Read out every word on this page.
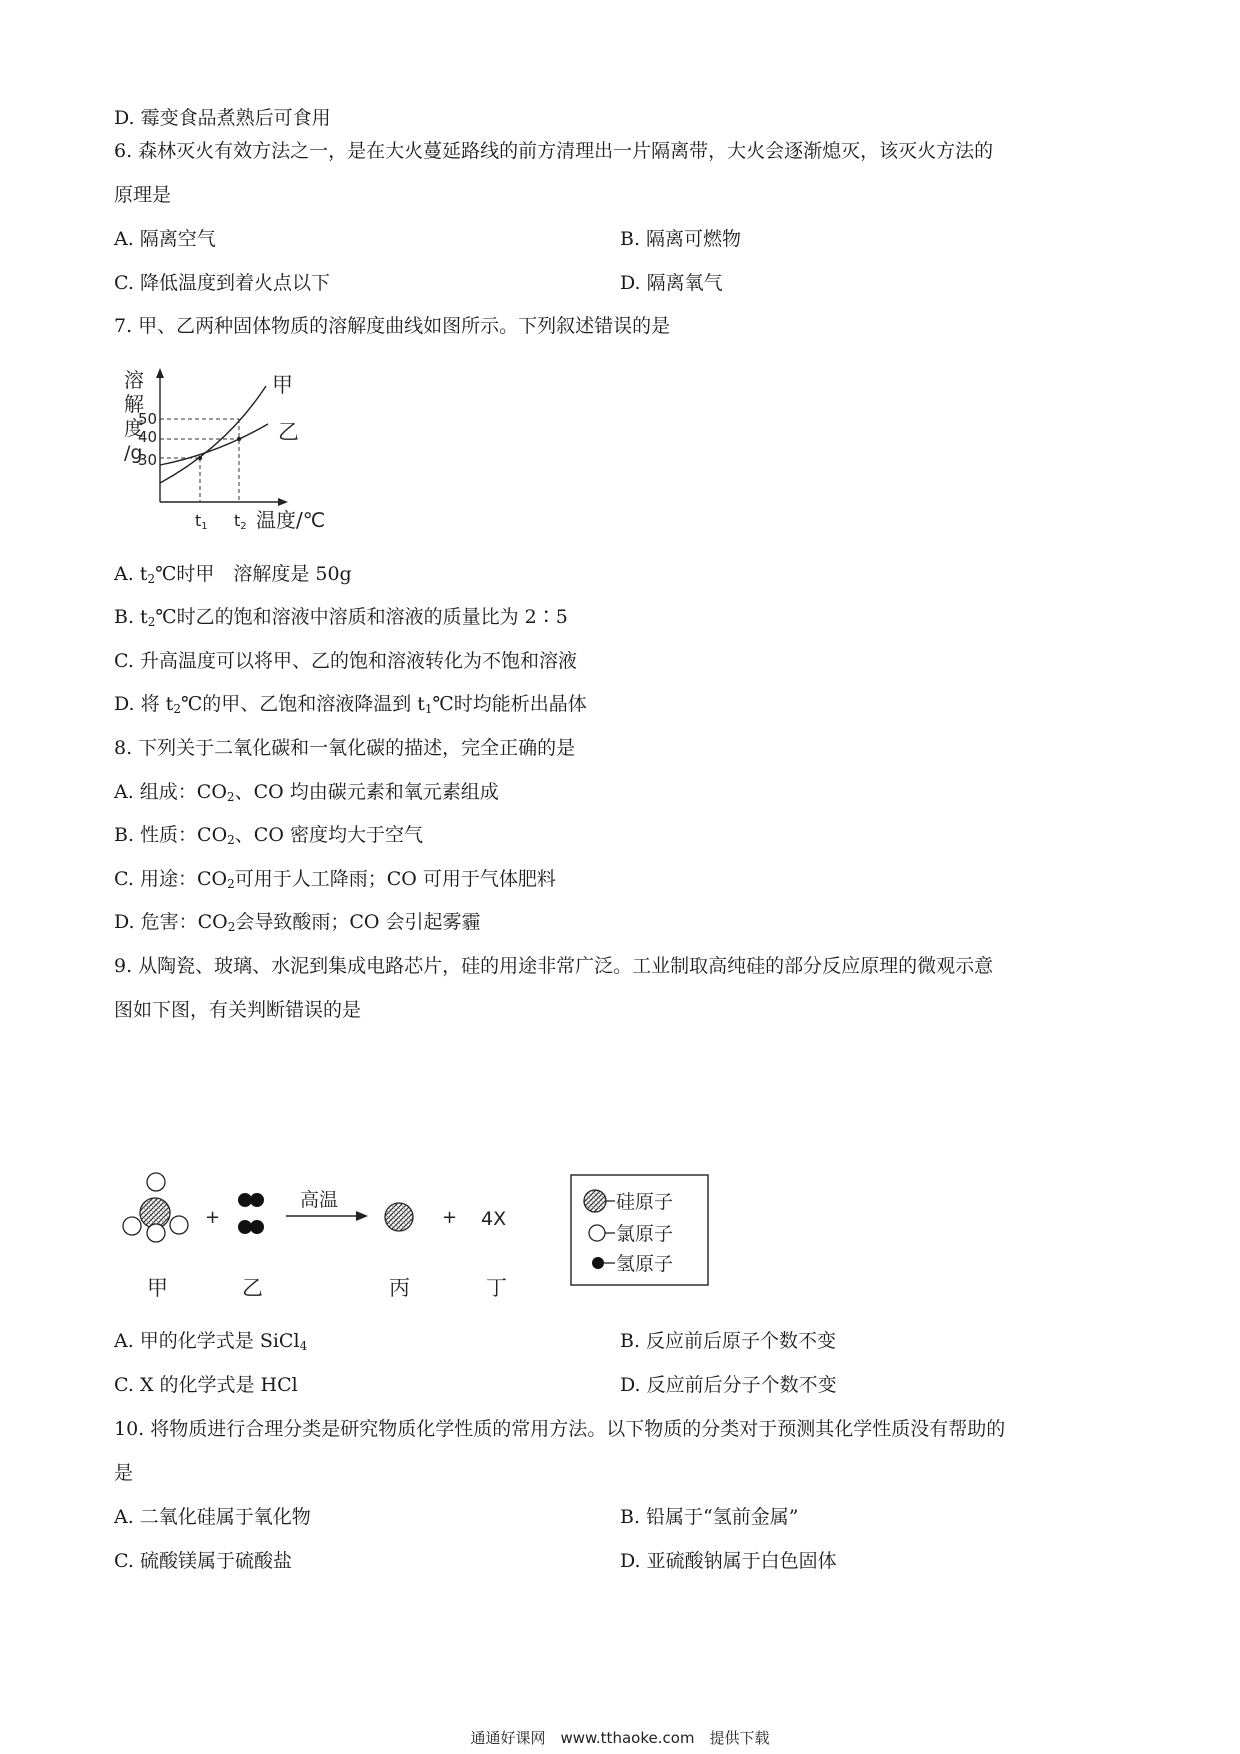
D. 霉变食品煮熟后可食用
6. 森林灭火有效方法之一，是在大火蔓延路线的前方清理出一片隔离带，大火会逐渐熄灭，该灭火方法的
原理是
A. 隔离空气	B. 隔离可燃物
C. 降低温度到着火点以下	D. 隔离氧气
7. 甲、乙两种固体物质的溶解度曲线如图所示。下列叙述错误的是
溶
解
度
/g
50
40
30
甲
乙
t1 t2 温度/℃
A. $t_2℃$时甲　溶解度是 50g
B. $t_2℃$时乙的饱和溶液中溶质和溶液的质量比为 2∶5
C. 升高温度可以将甲、乙的饱和溶液转化为不饱和溶液
D. 将 $t_2℃$的甲、乙饱和溶液降温到 $t_1℃$时均能析出晶体
8. 下列关于二氧化碳和一氧化碳的描述，完全正确的是
A. 组成：$CO_2$、CO 均由碳元素和氧元素组成
B. 性质：$CO_2$、CO 密度均大于空气
C. 用途：$CO_2$可用于人工降雨；CO 可用于气体肥料
D. 危害：$CO_2$会导致酸雨；CO 会引起雾霾
9. 从陶瓷、玻璃、水泥到集成电路芯片，硅的用途非常广泛。工业制取高纯硅的部分反应原理的微观示意
图如下图，有关判断错误的是
+
高温
+ 4X
甲	乙	丙	丁
硅原子
氯原子
氢原子
A. 甲的化学式是 SiCl$_4$	B. 反应前后原子个数不变
C. X 的化学式是 HCl	D. 反应前后分子个数不变
10. 将物质进行合理分类是研究物质化学性质的常用方法。以下物质的分类对于预测其化学性质没有帮助的
是
A. 二氧化硅属于氧化物	B. 铅属于“氢前金属”
C. 硫酸镁属于硫酸盐	D. 亚硫酸钠属于白色固体
通通好课网　www.tthaoke.com　提供下载
